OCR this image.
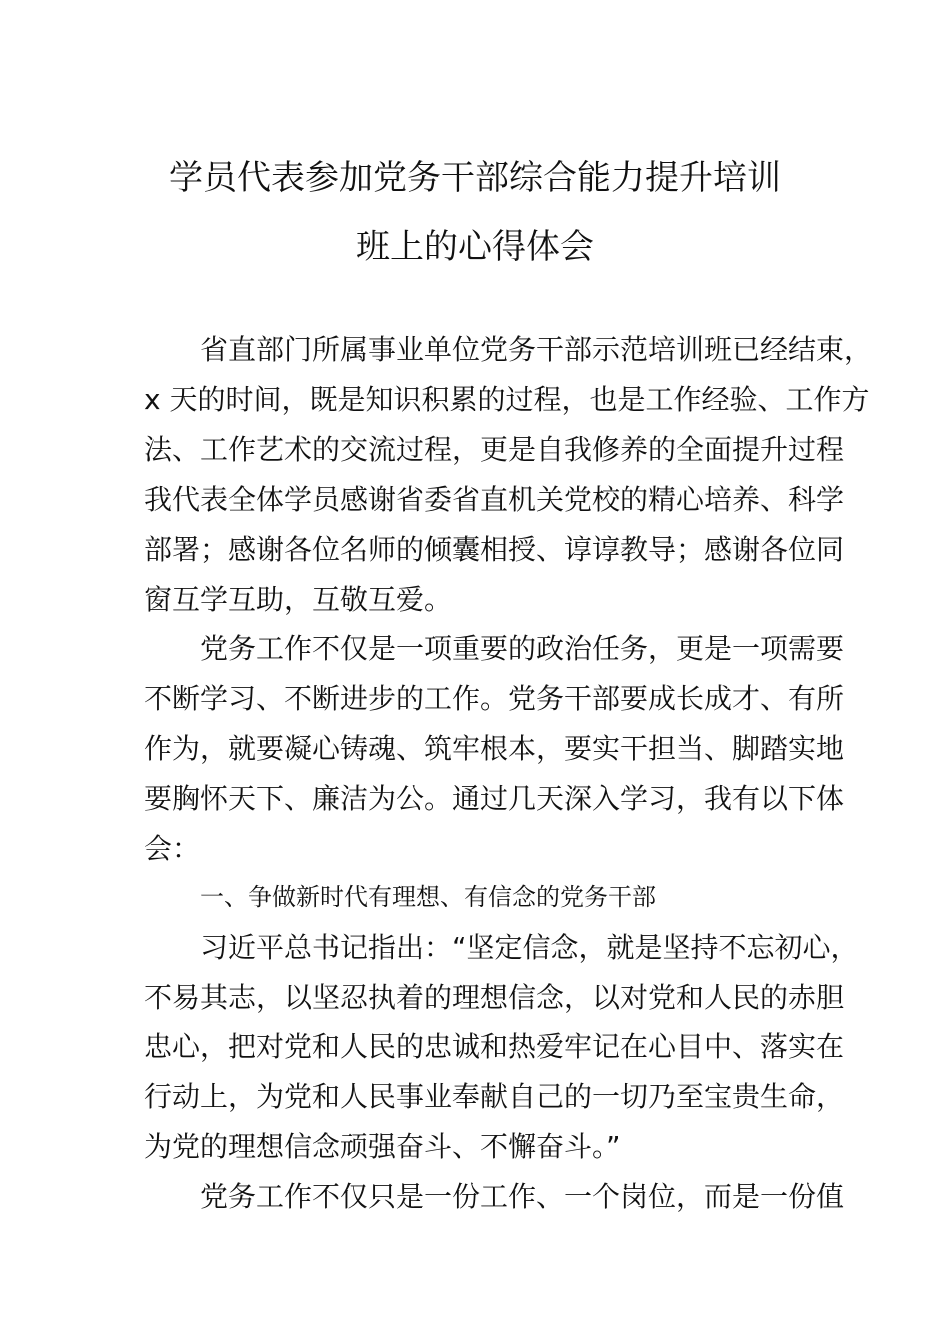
学员代表参加党务干部综合能力提升培训
班上的心得体会
　　省直部门所属事业单位党务干部示范培训班已经结束，
x 天的时间，既是知识积累的过程，也是工作经验、工作方
法、工作艺术的交流过程，更是自我修养的全面提升过程
我代表全体学员感谢省委省直机关党校的精心培养、科学
部署；感谢各位名师的倾囊相授、谆谆教导；感谢各位同
窗互学互助，互敬互爱。
　　党务工作不仅是一项重要的政治任务，更是一项需要
不断学习、不断进步的工作。党务干部要成长成才、有所
作为，就要凝心铸魂、筑牢根本，要实干担当、脚踏实地
要胸怀天下、廉洁为公。通过几天深入学习，我有以下体
会：
一、争做新时代有理想、有信念的党务干部
　　习近平总书记指出：“坚定信念，就是坚持不忘初心，
不易其志，以坚忍执着的理想信念，以对党和人民的赤胆
忠心，把对党和人民的忠诚和热爱牢记在心目中、落实在
行动上，为党和人民事业奉献自己的一切乃至宝贵生命，
为党的理想信念顽强奋斗、不懈奋斗。”
　　党务工作不仅只是一份工作、一个岗位，而是一份值
